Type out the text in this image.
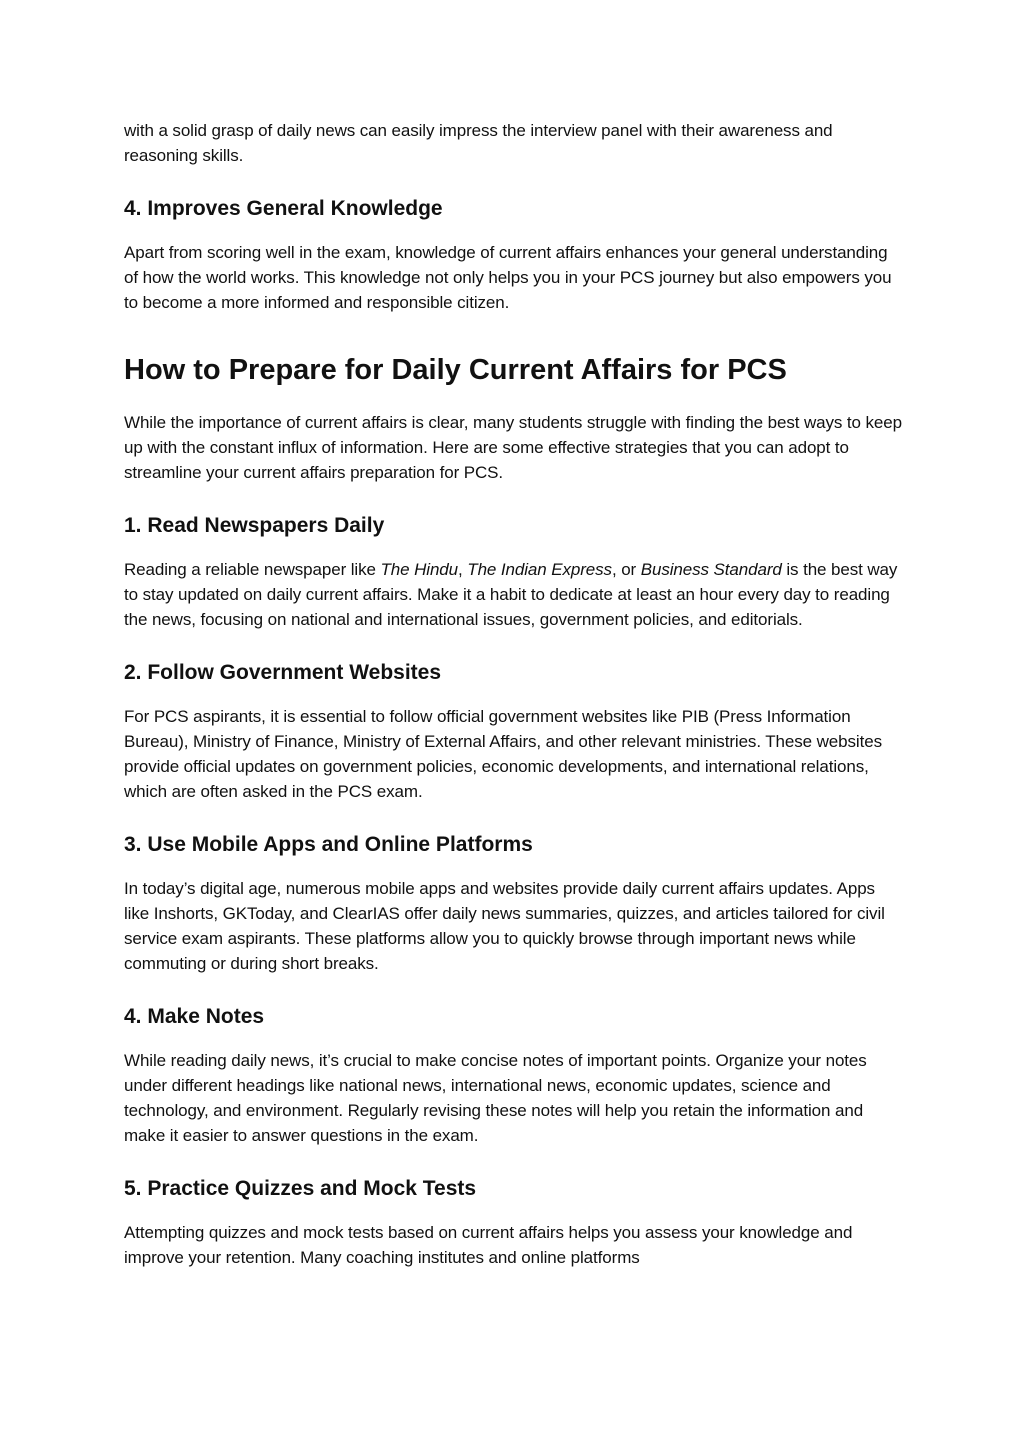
with a solid grasp of daily news can easily impress the interview panel with their awareness and reasoning skills.

4. Improves General Knowledge

Apart from scoring well in the exam, knowledge of current affairs enhances your general understanding of how the world works. This knowledge not only helps you in your PCS journey but also empowers you to become a more informed and responsible citizen.

How to Prepare for Daily Current Affairs for PCS

While the importance of current affairs is clear, many students struggle with finding the best ways to keep up with the constant influx of information. Here are some effective strategies that you can adopt to streamline your current affairs preparation for PCS.

1. Read Newspapers Daily

Reading a reliable newspaper like The Hindu, The Indian Express, or Business Standard is the best way to stay updated on daily current affairs. Make it a habit to dedicate at least an hour every day to reading the news, focusing on national and international issues, government policies, and editorials.

2. Follow Government Websites

For PCS aspirants, it is essential to follow official government websites like PIB (Press Information Bureau), Ministry of Finance, Ministry of External Affairs, and other relevant ministries. These websites provide official updates on government policies, economic developments, and international relations, which are often asked in the PCS exam.

3. Use Mobile Apps and Online Platforms

In today’s digital age, numerous mobile apps and websites provide daily current affairs updates. Apps like Inshorts, GKToday, and ClearIAS offer daily news summaries, quizzes, and articles tailored for civil service exam aspirants. These platforms allow you to quickly browse through important news while commuting or during short breaks.

4. Make Notes

While reading daily news, it’s crucial to make concise notes of important points. Organize your notes under different headings like national news, international news, economic updates, science and technology, and environment. Regularly revising these notes will help you retain the information and make it easier to answer questions in the exam.

5. Practice Quizzes and Mock Tests

Attempting quizzes and mock tests based on current affairs helps you assess your knowledge and improve your retention. Many coaching institutes and online platforms
